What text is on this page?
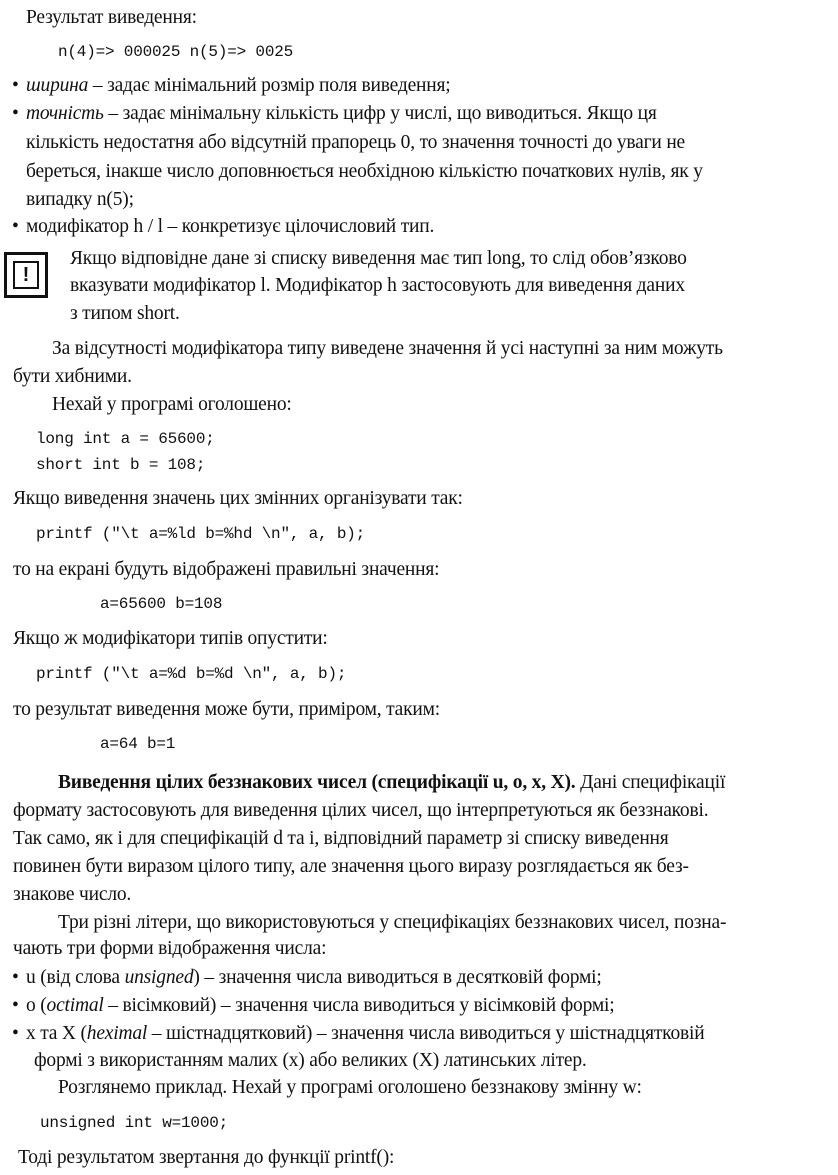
Результат виведення:
n(4)=> 000025 n(5)=> 0025
• ширина – задає мінімальний розмір поля виведення;
• точність – задає мінімальну кількість цифр у числі, що виводиться. Якщо ця
кількість недостатня або відсутній прапорець 0, то значення точності до уваги не
береться, інакше число доповнюється необхідною кількістю початкових нулів, як у
випадку n(5);
• модифікатор h / l – конкретизує цілочисловий тип.
!
Якщо відповідне дане зі списку виведення має тип long, то слід обов’язково
вказувати модифікатор l. Модифікатор h застосовують для виведення даних
з типом short.
За відсутності модифікатора типу виведене значення й усі наступні за ним можуть
бути хибними.
Нехай у програмі оголошено:
long int a = 65600;
short int b = 108;
Якщо виведення значень цих змінних організувати так:
printf ("\t a=%ld b=%hd \n", a, b);
то на екрані будуть відображені правильні значення:
a=65600 b=108
Якщо ж модифікатори типів опустити:
printf ("\t a=%d b=%d \n", a, b);
то результат виведення може бути, приміром, таким:
a=64 b=1
Виведення цілих беззнакових чисел (специфікації u, o, x, X). Дані специфікації
формату застосовують для виведення цілих чисел, що інтерпретуються як беззнакові.
Так само, як і для специфікацій d та i, відповідний параметр зі списку виведення
повинен бути виразом цілого типу, але значення цього виразу розглядається як без-
знакове число.
Три різні літери, що використовуються у специфікаціях беззнакових чисел, позна-
чають три форми відображення числа:
• u (від слова unsigned) – значення числа виводиться в десятковій формі;
• o (octimal – вісімковий) – значення числа виводиться у вісімковій формі;
• x та X (heximal – шістнадцятковий) – значення числа виводиться у шістнадцятковій
формі з використанням малих (x) або великих (X) латинських літер.
Розглянемо приклад. Нехай у програмі оголошено беззнакову змінну w:
unsigned int w=1000;
Тоді результатом звертання до функції printf():
